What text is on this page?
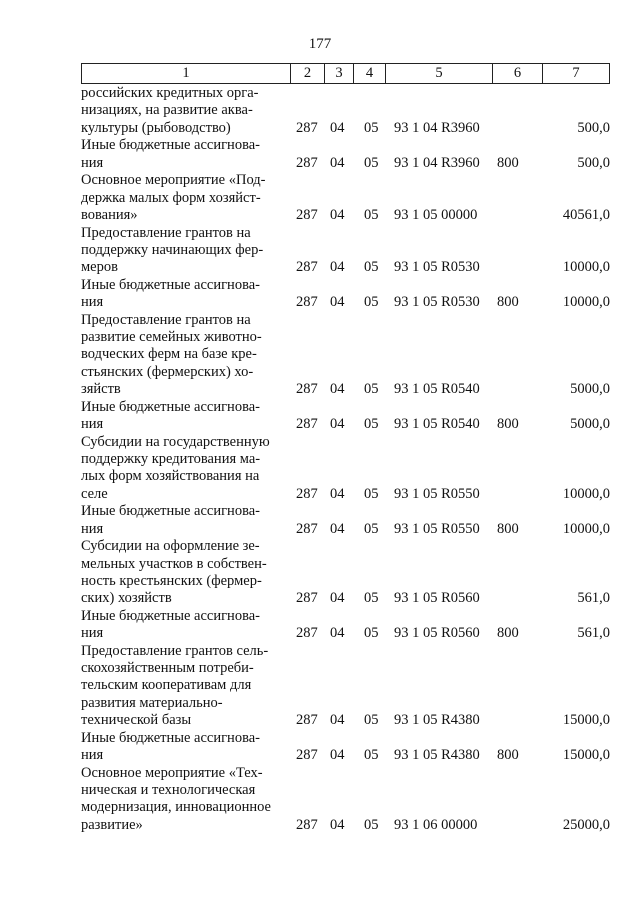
177
1	2	3	4	5	6	7
российских кредитных орга-
низациях, на развитие аква-
культуры (рыбоводство)	287 04 05 93 1 04 R3960	500,0
Иные бюджетные ассигнова-
ния	287 04 05 93 1 04 R3960 800	500,0
Основное мероприятие «Под-
держка малых форм хозяйст-
вования»	287 04 05 93 1 05 00000	40561,0
Предоставление грантов на
поддержку начинающих фер-
меров	287 04 05 93 1 05 R0530	10000,0
Иные бюджетные ассигнова-
ния	287 04 05 93 1 05 R0530 800	10000,0
Предоставление грантов на
развитие семейных животно-
водческих ферм на базе кре-
стьянских (фермерских) хо-
зяйств	287 04 05 93 1 05 R0540	5000,0
Иные бюджетные ассигнова-
ния	287 04 05 93 1 05 R0540 800	5000,0
Субсидии на государственную
поддержку кредитования ма-
лых форм хозяйствования на
селе	287 04 05 93 1 05 R0550	10000,0
Иные бюджетные ассигнова-
ния	287 04 05 93 1 05 R0550 800	10000,0
Субсидии на оформление зе-
мельных участков в собствен-
ность крестьянских (фермер-
ских) хозяйств	287 04 05 93 1 05 R0560	561,0
Иные бюджетные ассигнова-
ния	287 04 05 93 1 05 R0560 800	561,0
Предоставление грантов сель-
скохозяйственным потреби-
тельским кооперативам для
развития материально-
технической базы	287 04 05 93 1 05 R4380	15000,0
Иные бюджетные ассигнова-
ния	287 04 05 93 1 05 R4380 800	15000,0
Основное мероприятие «Тех-
ническая и технологическая
модернизация, инновационное
развитие»	287 04 05 93 1 06 00000	25000,0
